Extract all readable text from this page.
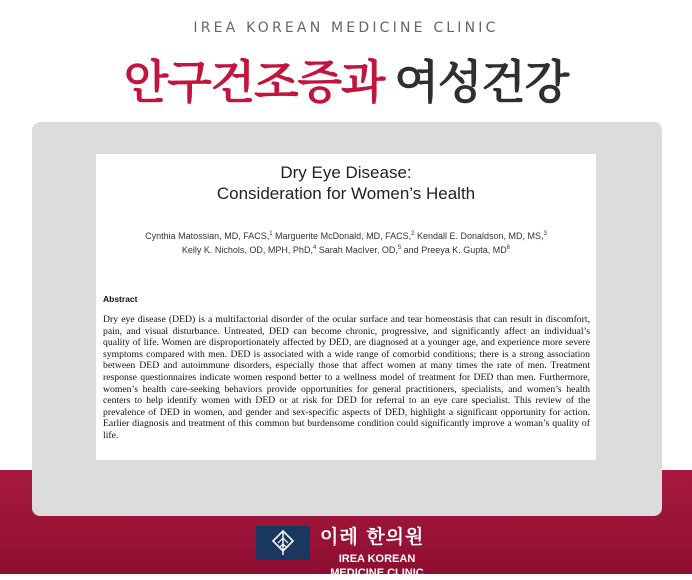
IREA KOREAN MEDICINE CLINIC
안구건조증과 여성건강
Dry Eye Disease:
Consideration for Women’s Health
Cynthia Matossian, MD, FACS,$^1$ Marguerite McDonald, MD, FACS,$^2$ Kendall E. Donaldson, MD, MS,$^3$
Kelly K. Nichols, OD, MPH, PhD,$^4$ Sarah MacIver, OD,$^5$ and Preeya K. Gupta, $MD^6$
Abstract
Dry eye disease (DED) is a multifactorial disorder of the ocular surface and tear homeostasis that can result in discomfort, pain, and visual disturbance. Untreated, DED can become chronic, progressive, and significantly affect an individual’s quality of life. Women are disproportionately affected by DED, are diagnosed at a younger age, and experience more severe symptoms compared with men. DED is associated with a wide range of comorbid conditions; there is a strong association between DED and autoimmune disorders, especially those that affect women at many times the rate of men. Treatment response questionnaires indicate women respond better to a wellness model of treatment for DED than men. Furthermore, women’s health care-seeking behaviors provide opportunities for general practitioners, specialists, and women’s health centers to help identify women with DED or at risk for DED for referral to an eye care specialist. This review of the prevalence of DED in women, and gender and sex-specific aspects of DED, highlight a significant opportunity for action. Earlier diagnosis and treatment of this common but burdensome condition could significantly improve a woman’s quality of life.
이레 한의원
IREA KOREAN MEDICINE CLINIC
